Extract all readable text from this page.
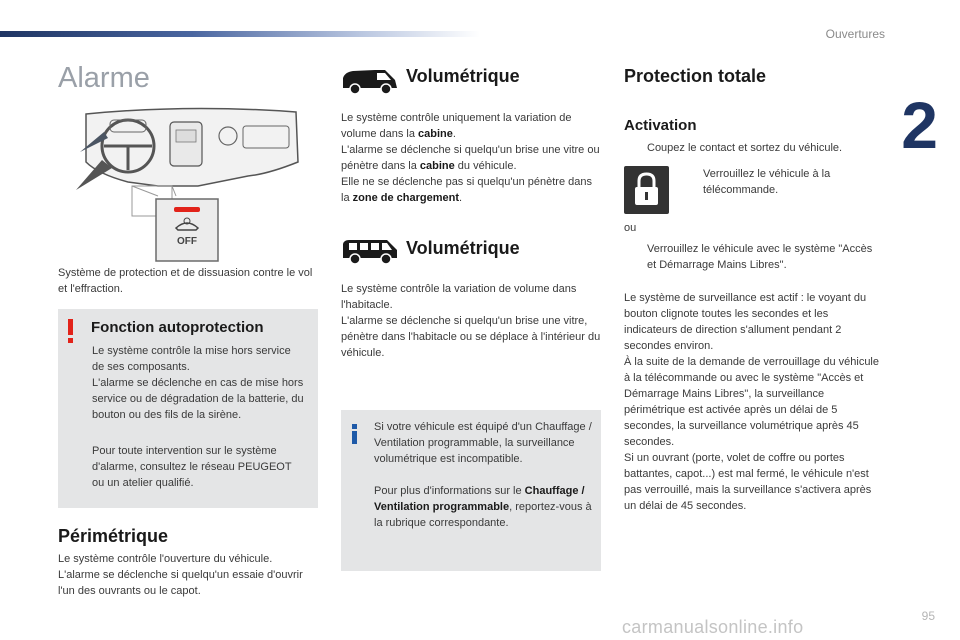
Ouvertures
2
Alarme
OFF
Système de protection et de dissuasion contre le vol et l'effraction.
Fonction autoprotection
Le système contrôle la mise hors service de ses composants.
L'alarme se déclenche en cas de mise hors service ou de dégradation de la batterie, du bouton ou des fils de la sirène.
Pour toute intervention sur le système d'alarme, consultez le réseau PEUGEOT ou un atelier qualifié.
Périmétrique
Le système contrôle l'ouverture du véhicule.
L'alarme se déclenche si quelqu'un essaie d'ouvrir l'un des ouvrants ou le capot.
Volumétrique
Le système contrôle uniquement la variation de volume dans la cabine.
L'alarme se déclenche si quelqu'un brise une vitre ou pénètre dans la cabine du véhicule.
Elle ne se déclenche pas si quelqu'un pénètre dans la zone de chargement.
Volumétrique
Le système contrôle la variation de volume dans l'habitacle.
L'alarme se déclenche si quelqu'un brise une vitre, pénètre dans l'habitacle ou se déplace à l'intérieur du véhicule.
Si votre véhicule est équipé d'un Chauffage / Ventilation programmable, la surveillance volumétrique est incompatible.
Pour plus d'informations sur le Chauffage / Ventilation programmable, reportez-vous à la rubrique correspondante.
Protection totale
Activation
Coupez le contact et sortez du véhicule.
Verrouillez le véhicule à la télécommande.
ou
Verrouillez le véhicule avec le système "Accès et Démarrage Mains Libres".
Le système de surveillance est actif : le voyant du bouton clignote toutes les secondes et les indicateurs de direction s'allument pendant 2 secondes environ.
À la suite de la demande de verrouillage du véhicule à la télécommande ou avec le système "Accès et Démarrage Mains Libres", la surveillance périmétrique est activée après un délai de 5 secondes, la surveillance volumétrique après 45 secondes.
Si un ouvrant (porte, volet de coffre ou portes battantes, capot...) est mal fermé, le véhicule n'est pas verrouillé, mais la surveillance s'activera après un délai de 45 secondes.
95
carmanualsonline.info
